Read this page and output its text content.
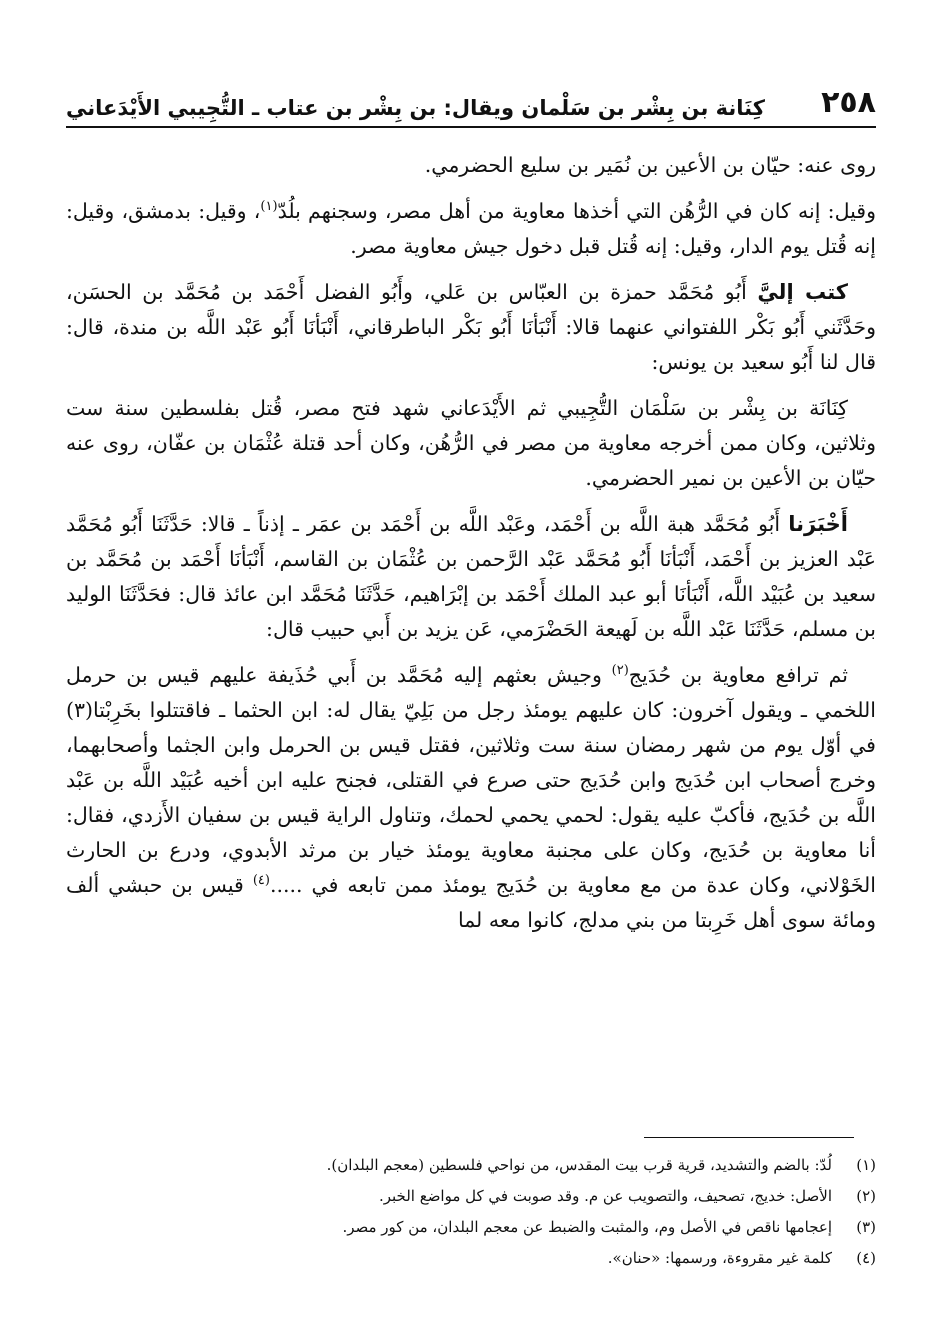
٢٥٨
كِنَانة بن بِشْر بن سَلْمان ويقال: بن بِشْر بن عتاب ـ التُّجِيبي الأَيْدَعاني

روى عنه: حيّان بن الأعين بن نُمَير بن سليع الحضرمي.

وقيل: إنه كان في الرُّهُن التي أخذها معاوية من أهل مصر، وسجنهم بلُدّ$^{(١)}$، وقيل: بدمشق، وقيل: إنه قُتل يوم الدار، وقيل: إنه قُتل قبل دخول جيش معاوية مصر.

كتب إليَّ أَبُو مُحَمَّد حمزة بن العبّاس بن عَلي، وأَبُو الفضل أَحْمَد بن مُحَمَّد بن الحسَن، وحَدَّثَني أَبُو بَكْر اللفتواني عنهما قالا: أَنْبَأنَا أَبُو بَكْر الباطرقاني، أَنْبَأنَا أَبُو عَبْد اللَّه بن مندة، قال: قال لنا أَبُو سعيد بن يونس:

كِنَانَة بن بِشْر بن سَلْمَان التُّجِيبي ثم الأَيْدَعاني شهد فتح مصر، قُتل بفلسطين سنة ست وثلاثين، وكان ممن أخرجه معاوية من مصر في الرُّهُن، وكان أحد قتلة عُثْمَان بن عفّان، روى عنه حيّان بن الأعين بن نمير الحضرمي.

أَخْبَرَنا أَبُو مُحَمَّد هبة اللَّه بن أَحْمَد، وعَبْد اللَّه بن أَحْمَد بن عمَر ـ إذناً ـ قالا: حَدَّثَنَا أَبُو مُحَمَّد عَبْد العزيز بن أَحْمَد، أَنْبَأنَا أَبُو مُحَمَّد عَبْد الرَّحمن بن عُثْمَان بن القاسم، أَنْبَأنَا أَحْمَد بن مُحَمَّد بن سعيد بن عُبَيْد اللَّه، أَنْبَأنَا أبو عبد الملك أَحْمَد بن إبْرَاهيم، حَدَّثَنَا مُحَمَّد ابن عائذ قال: فحَدَّثَنَا الوليد بن مسلم، حَدَّثَنَا عَبْد اللَّه بن لَهيعة الحَضْرَمي، عَن يزيد بن أَبي حبيب قال:

ثم ترافع معاوية بن حُدَيج$^{(٢)}$ وجيش بعثهم إليه مُحَمَّد بن أَبي حُذَيفة عليهم قيس بن حرمل اللخمي ـ ويقول آخرون: كان عليهم يومئذ رجل من بَلِيّ يقال له: ابن الحثما ـ فاقتتلوا بخَرِبْتا(٣) في أوّل يوم من شهر رمضان سنة ست وثلاثين، فقتل قيس بن الحرمل وابن الجثما وأصحابهما، وخرج أصحاب ابن حُدَيج وابن حُدَيج حتى صرع في القتلى، فجنح عليه ابن أخيه عُبَيْد اللَّه بن عَبْد اللَّه بن حُدَيج، فأكبّ عليه يقول: لحمي يحمي لحمك، وتناول الراية قيس بن سفيان الأَزدي، فقال: أنا معاوية بن حُدَيج، وكان على مجنبة معاوية يومئذ خيار بن مرثد الأبدوي، ودرع بن الحارث الخَوْلاني، وكان عدة من مع معاوية بن حُدَيج يومئذ ممن تابعه في .....$^{(٤)}$ قيس بن حبشي ألف ومائة سوى أهل خَرِبتا من بني مدلج، كانوا معه لما

(١)
لُدّ: بالضم والتشديد، قرية قرب بيت المقدس، من نواحي فلسطين (معجم البلدان).
(٢)
الأصل: خديج، تصحيف، والتصويب عن م. وقد صوبت في كل مواضع الخبر.
(٣)
إعجامها ناقص في الأصل وم، والمثبت والضبط عن معجم البلدان، من كور مصر.
(٤)
كلمة غير مقروءة، ورسمها: «حنان».
